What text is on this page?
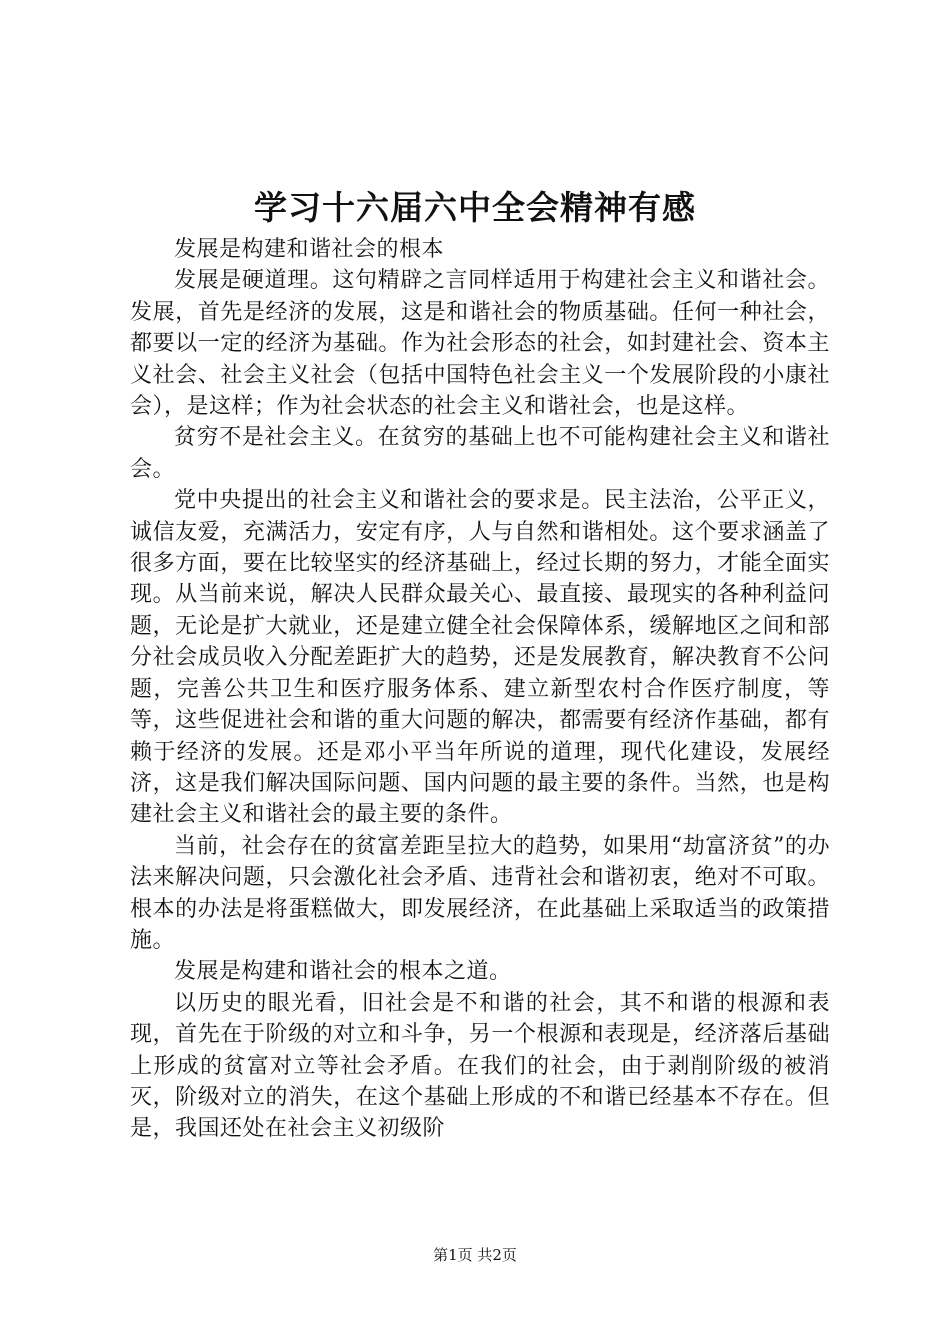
学习十六届六中全会精神有感

发展是构建和谐社会的根本

发展是硬道理。这句精辟之言同样适用于构建社会主义和谐社会。发展，首先是经济的发展，这是和谐社会的物质基础。任何一种社会，都要以一定的经济为基础。作为社会形态的社会，如封建社会、资本主义社会、社会主义社会（包括中国特色社会主义一个发展阶段的小康社会），是这样；作为社会状态的社会主义和谐社会，也是这样。

贫穷不是社会主义。在贫穷的基础上也不可能构建社会主义和谐社会。

党中央提出的社会主义和谐社会的要求是。民主法治，公平正义，诚信友爱，充满活力，安定有序，人与自然和谐相处。这个要求涵盖了很多方面，要在比较坚实的经济基础上，经过长期的努力，才能全面实现。从当前来说，解决人民群众最关心、最直接、最现实的各种利益问题，无论是扩大就业，还是建立健全社会保障体系，缓解地区之间和部分社会成员收入分配差距扩大的趋势，还是发展教育，解决教育不公问题，完善公共卫生和医疗服务体系、建立新型农村合作医疗制度，等等，这些促进社会和谐的重大问题的解决，都需要有经济作基础，都有赖于经济的发展。还是邓小平当年所说的道理，现代化建设，发展经济，这是我们解决国际问题、国内问题的最主要的条件。当然，也是构建社会主义和谐社会的最主要的条件。

当前，社会存在的贫富差距呈拉大的趋势，如果用“劫富济贫”的办法来解决问题，只会激化社会矛盾、违背社会和谐初衷，绝对不可取。根本的办法是将蛋糕做大，即发展经济，在此基础上采取适当的政策措施。

发展是构建和谐社会的根本之道。

以历史的眼光看，旧社会是不和谐的社会，其不和谐的根源和表现，首先在于阶级的对立和斗争，另一个根源和表现是，经济落后基础上形成的贫富对立等社会矛盾。在我们的社会，由于剥削阶级的被消灭，阶级对立的消失，在这个基础上形成的不和谐已经基本不存在。但是，我国还处在社会主义初级阶

第1页 共2页
